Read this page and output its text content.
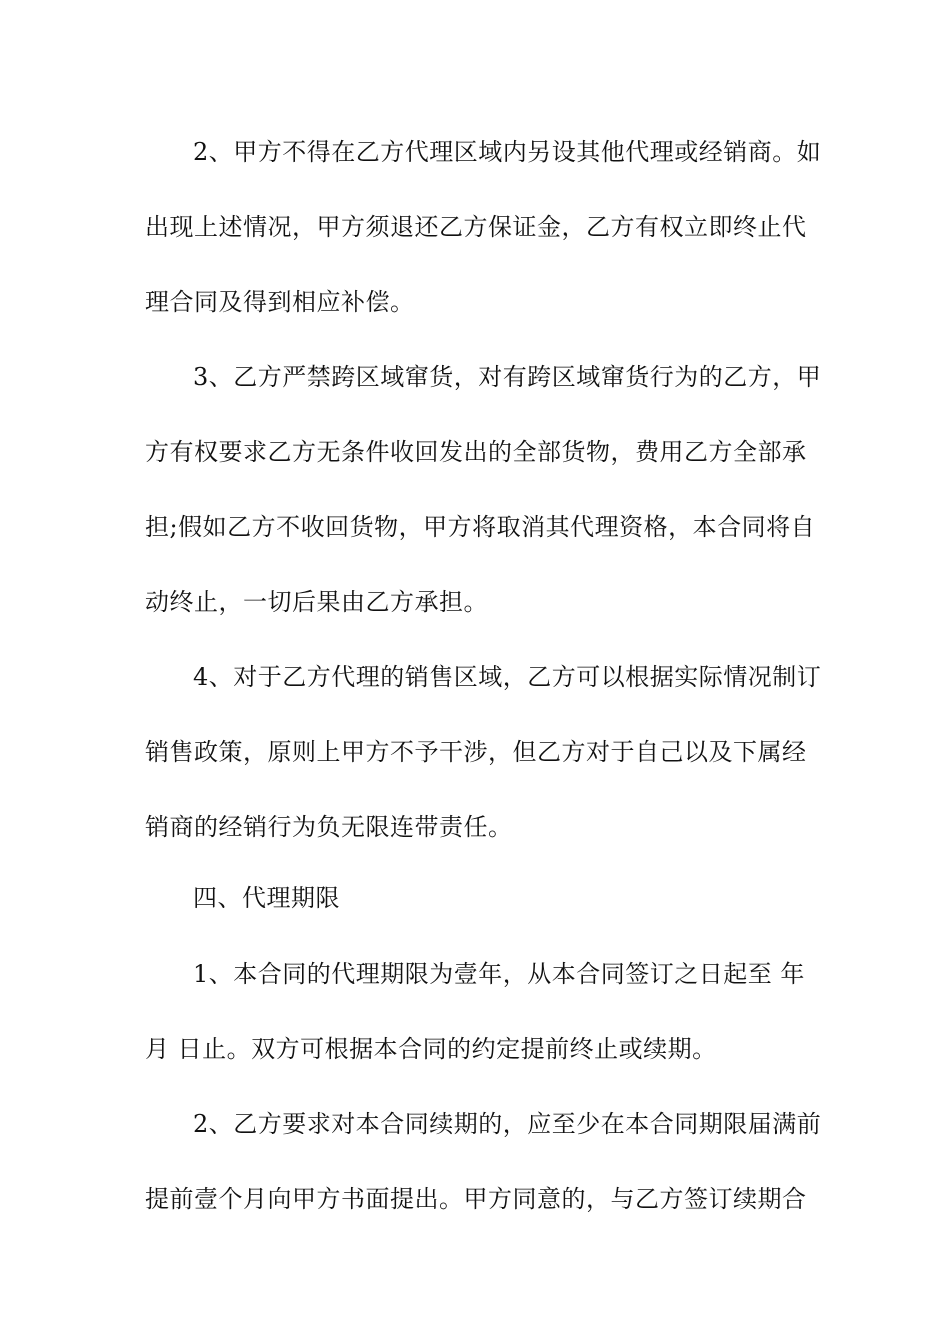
2、甲方不得在乙方代理区域内另设其他代理或经销商。如
出现上述情况，甲方须退还乙方保证金，乙方有权立即终止代
理合同及得到相应补偿。
3、乙方严禁跨区域窜货，对有跨区域窜货行为的乙方，甲
方有权要求乙方无条件收回发出的全部货物，费用乙方全部承
担;假如乙方不收回货物，甲方将取消其代理资格，本合同将自
动终止，一切后果由乙方承担。
4、对于乙方代理的销售区域，乙方可以根据实际情况制订
销售政策，原则上甲方不予干涉，但乙方对于自己以及下属经
销商的经销行为负无限连带责任。
四、代理期限
1、本合同的代理期限为壹年，从本合同签订之日起至 年
月 日止。双方可根据本合同的约定提前终止或续期。
2、乙方要求对本合同续期的，应至少在本合同期限届满前
提前壹个月向甲方书面提出。甲方同意的，与乙方签订续期合
